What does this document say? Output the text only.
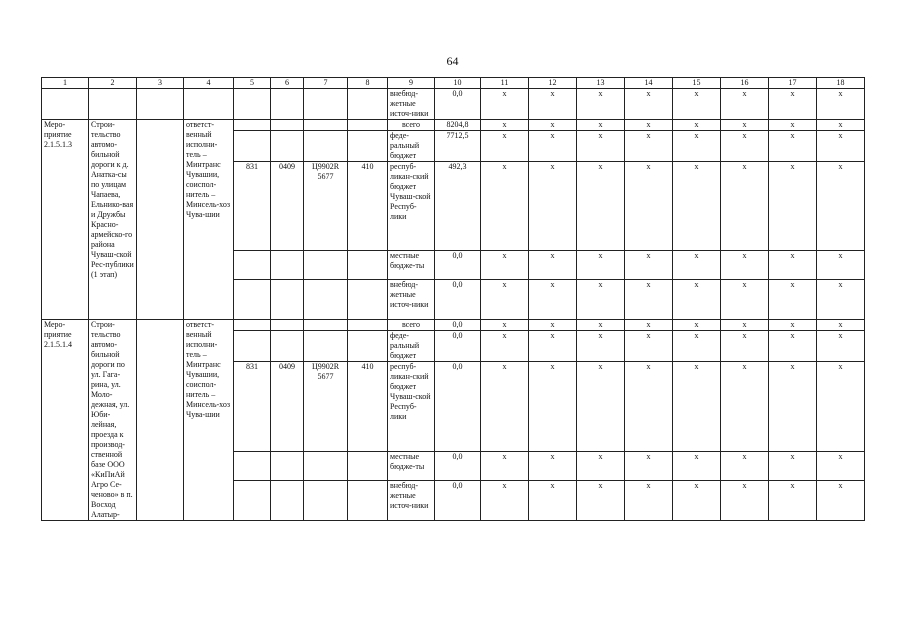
64
1	2	3	4	5	6	7	8	9	10	11	12	13	14	15	16	17	18
								внебюд-жетные источ-ники	0,0	х	х	х	х	х	х	х	х
Меро-приятие 2.1.5.1.3	Строи-тельство автомо-бильной дороги к д. Анатка-сы по улицам Чапаева, Ельнико-вая и Дружбы Красно-армейско-го района Чуваш-ской Рес-публики (1 этап)		ответст-венный исполни-тель – Минтранс Чувашии, соиспол-нитель – Минсель-хоз Чува-шии					всего	8204,8	х	х	х	х	х	х	х	х
								феде-ральный бюджет	7712,5	х	х	х	х	х	х	х	х
				831	0409	Ц9902R 5677	410	респуб-ликан-ский бюджет Чуваш-ской Респуб-лики	492,3	х	х	х	х	х	х	х	х
								местные бюдже-ты	0,0	х	х	х	х	х	х	х	х
								внебюд-жетные источ-ники	0,0	х	х	х	х	х	х	х	х
Меро-приятие 2.1.5.1.4	Строи-тельство автомо-бильной дороги по ул. Гага-рина, ул. Моло-дежная, ул. Юби-лейная, проезда к производ-ственной базе ООО «КиПиАй Агро Се-ченово» в п. Восход Алатыр-		ответст-венный исполни-тель – Минтранс Чувашии, соиспол-нитель – Минсель-хоз Чува-шии					всего	0,0	х	х	х	х	х	х	х	х
								феде-ральный бюджет	0,0	х	х	х	х	х	х	х	х
				831	0409	Ц9902R 5677	410	респуб-ликан-ский бюджет Чуваш-ской Респуб-лики	0,0	х	х	х	х	х	х	х	х
								местные бюдже-ты	0,0	х	х	х	х	х	х	х	х
								внебюд-жетные источ-ники	0,0	х	х	х	х	х	х	х	х
